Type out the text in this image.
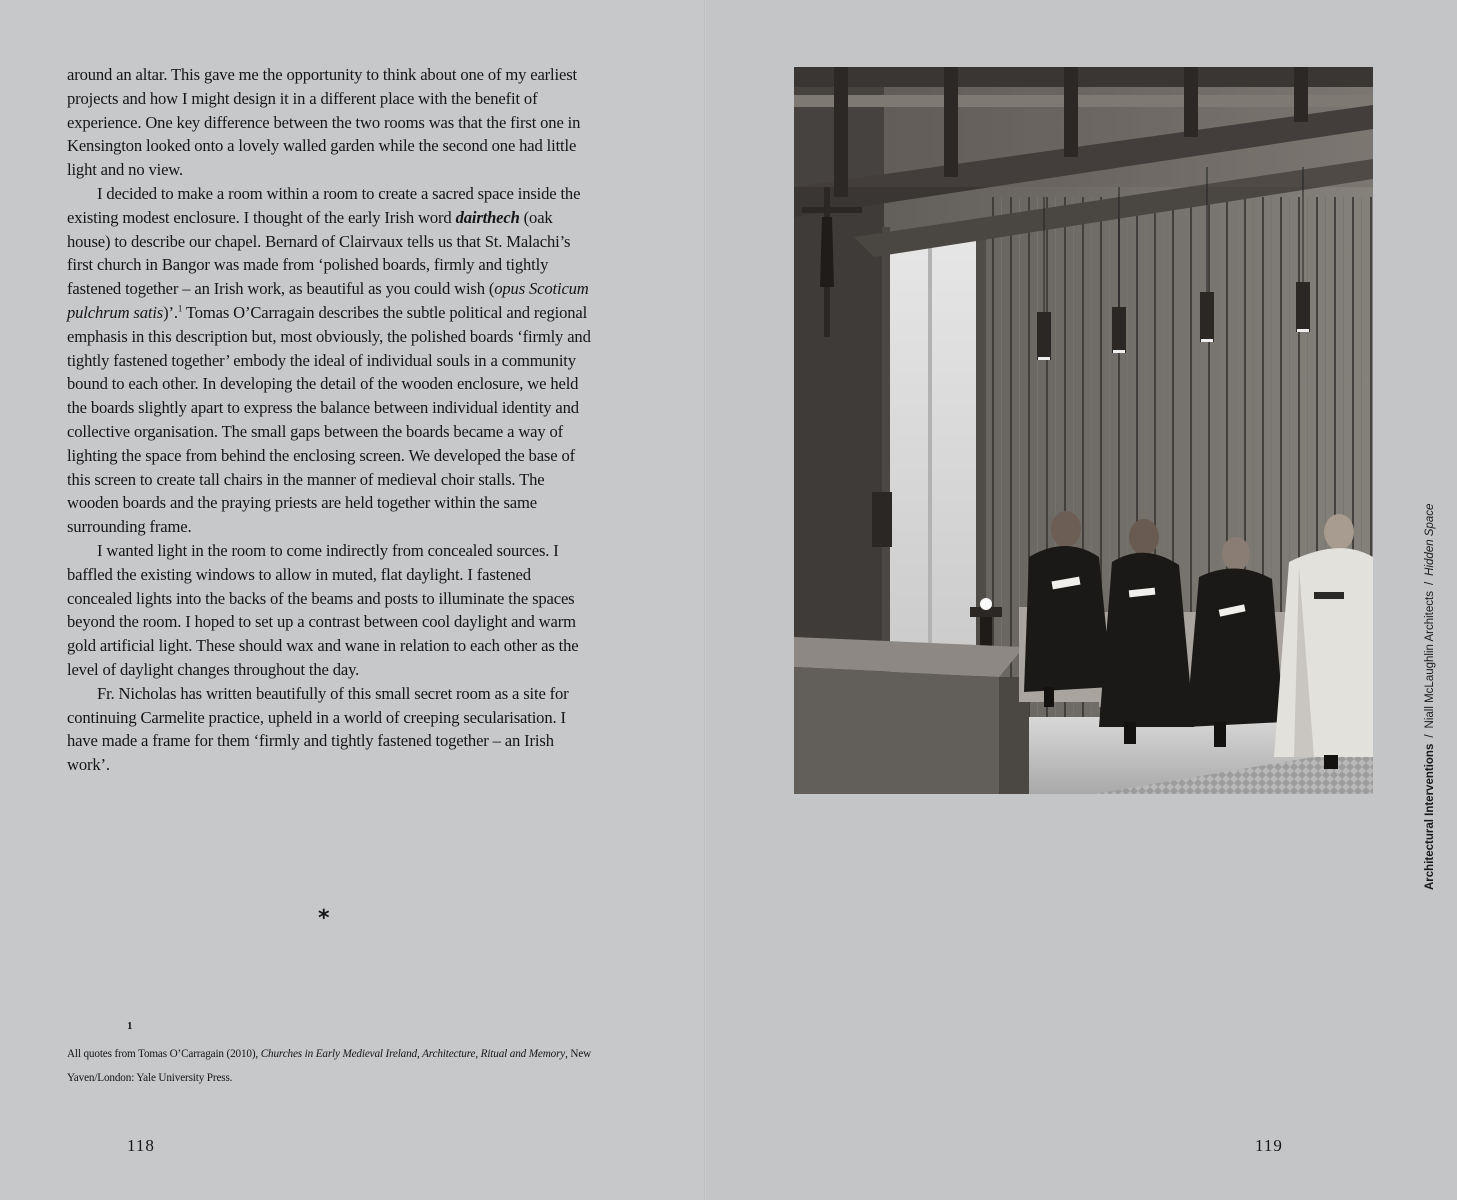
around an altar. This gave me the opportunity to think about one of my earliest projects and how I might design it in a different place with the benefit of experience. One key difference between the two rooms was that the first one in Kensington looked onto a lovely walled garden while the second one had little light and no view.

I decided to make a room within a room to create a sacred space inside the existing modest enclosure. I thought of the early Irish word dairthech (oak house) to describe our chapel. Bernard of Clairvaux tells us that St. Malachi’s first church in Bangor was made from ‘polished boards, firmly and tightly fastened together – an Irish work, as beautiful as you could wish (opus Scoticum pulchrum satis)’.$^1$ Tomas O’Carragain describes the subtle political and regional emphasis in this description but, most obviously, the polished boards ‘firmly and tightly fastened together’ embody the ideal of individual souls in a community bound to each other. In developing the detail of the wooden enclosure, we held the boards slightly apart to express the balance between individual identity and collective organisation. The small gaps between the boards became a way of lighting the space from behind the enclosing screen. We developed the base of this screen to create tall chairs in the manner of medieval choir stalls. The wooden boards and the praying priests are held together within the same surrounding frame.

I wanted light in the room to come indirectly from concealed sources. I baffled the existing windows to allow in muted, flat daylight. I fastened concealed lights into the backs of the beams and posts to illuminate the spaces beyond the room. I hoped to set up a contrast between cool daylight and warm gold artificial light. These should wax and wane in relation to each other as the level of daylight changes throughout the day.

Fr. Nicholas has written beautifully of this small secret room as a site for continuing Carmelite practice, upheld in a world of creeping secularisation. I have made a frame for them ‘firmly and tightly fastened together – an Irish work’.

*
1
All quotes from Tomas O’Carragain (2010), Churches in Early Medieval Ireland, Architecture, Ritual and Memory, New Yaven/London: Yale University Press.
118
Architectural Interventions/Niall McLaughlin Architects/Hidden Space
119
